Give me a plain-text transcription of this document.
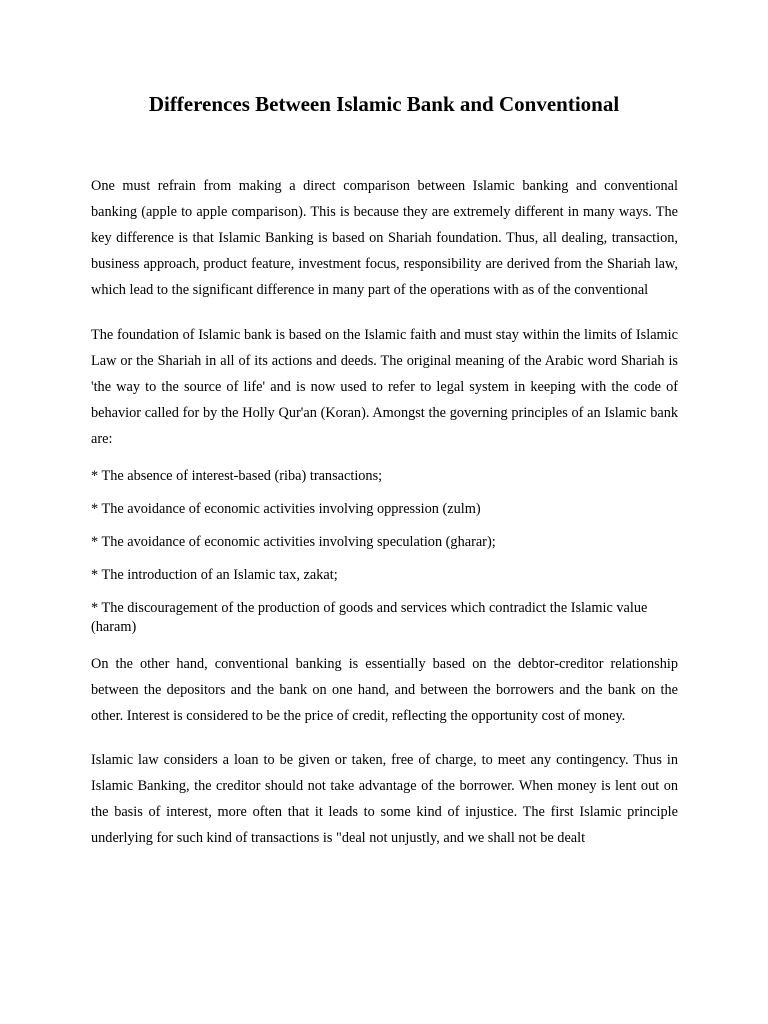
Differences Between Islamic Bank and Conventional

One must refrain from making a direct comparison between Islamic banking and conventional banking (apple to apple comparison). This is because they are extremely different in many ways. The key difference is that Islamic Banking is based on Shariah foundation. Thus, all dealing, transaction, business approach, product feature, investment focus, responsibility are derived from the Shariah law, which lead to the significant difference in many part of the operations with as of the conventional

The foundation of Islamic bank is based on the Islamic faith and must stay within the limits of Islamic Law or the Shariah in all of its actions and deeds. The original meaning of the Arabic word Shariah is 'the way to the source of life' and is now used to refer to legal system in keeping with the code of behavior called for by the Holly Qur'an (Koran). Amongst the governing principles of an Islamic bank are:

* The absence of interest-based (riba) transactions;

* The avoidance of economic activities involving oppression (zulm)

* The avoidance of economic activities involving speculation (gharar);

* The introduction of an Islamic tax, zakat;

* The discouragement of the production of goods and services which contradict the Islamic value (haram)

On the other hand, conventional banking is essentially based on the debtor-creditor relationship between the depositors and the bank on one hand, and between the borrowers and the bank on the other. Interest is considered to be the price of credit, reflecting the opportunity cost of money.

Islamic law considers a loan to be given or taken, free of charge, to meet any contingency. Thus in Islamic Banking, the creditor should not take advantage of the borrower. When money is lent out on the basis of interest, more often that it leads to some kind of injustice. The first Islamic principle underlying for such kind of transactions is "deal not unjustly, and we shall not be dealt
